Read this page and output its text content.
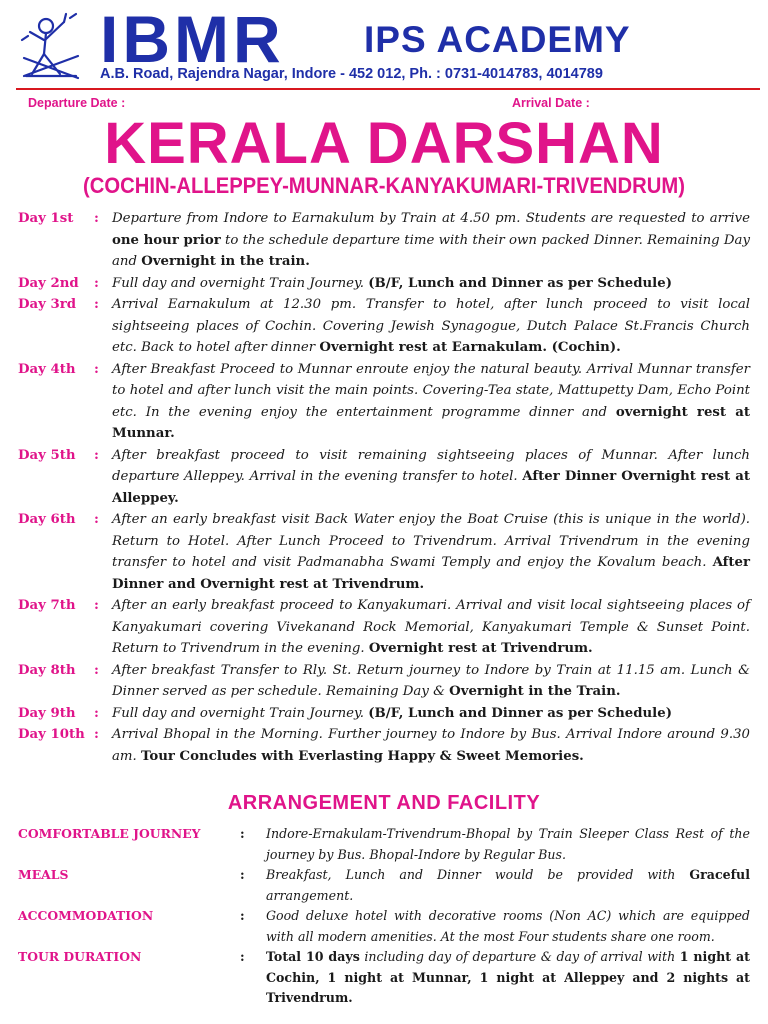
IBMR IPS ACADEMY
A.B. Road, Rajendra Nagar, Indore - 452 012, Ph. : 0731-4014783, 4014789
Departure Date :	Arrival Date :
KERALA DARSHAN
(COCHIN-ALLEPPEY-MUNNAR-KANYAKUMARI-TRIVENDRUM)
Day 1st	: Departure from Indore to Earnakulum by Train at 4.50 pm. Students are requested to arrive one hour prior to the schedule departure time with their own packed Dinner. Remaining Day and Overnight in the train.
Day 2nd	: Full day and overnight Train Journey. (B/F, Lunch and Dinner as per Schedule)
Day 3rd	: Arrival Earnakulum at 12.30 pm. Transfer to hotel, after lunch proceed to visit local sightseeing places of Cochin. Covering Jewish Synagogue, Dutch Palace St.Francis Church etc. Back to hotel after dinner Overnight rest at Earnakulam. (Cochin).
Day 4th	: After Breakfast Proceed to Munnar enroute enjoy the natural beauty. Arrival Munnar transfer to hotel and after lunch visit the main points. Covering-Tea state, Mattupetty Dam, Echo Point etc. In the evening enjoy the entertainment programme dinner and overnight rest at Munnar.
Day 5th	: After breakfast proceed to visit remaining sightseeing places of Munnar. After lunch departure Alleppey. Arrival in the evening transfer to hotel. After Dinner Overnight rest at Alleppey.
Day 6th	: After an early breakfast visit Back Water enjoy the Boat Cruise (this is unique in the world). Return to Hotel. After Lunch Proceed to Trivendrum. Arrival Trivendrum in the evening transfer to hotel and visit Padmanabha Swami Temply and enjoy the Kovalum beach. After Dinner and Overnight rest at Trivendrum.
Day 7th	: After an early breakfast proceed to Kanyakumari. Arrival and visit local sightseeing places of Kanyakumari covering Vivekanand Rock Memorial, Kanyakumari Temple & Sunset Point. Return to Trivendrum in the evening. Overnight rest at Trivendrum.
Day 8th	: After breakfast Transfer to Rly. St. Return journey to Indore by Train at 11.15 am. Lunch & Dinner served as per schedule. Remaining Day & Overnight in the Train.
Day 9th	: Full day and overnight Train Journey. (B/F, Lunch and Dinner as per Schedule)
Day 10th : Arrival Bhopal in the Morning. Further journey to Indore by Bus. Arrival Indore around 9.30 am. Tour Concludes with Everlasting Happy & Sweet Memories.
ARRANGEMENT AND FACILITY
COMFORTABLE JOURNEY	:	Indore-Ernakulam-Trivendrum-Bhopal by Train Sleeper Class Rest of the journey by Bus. Bhopal-Indore by Regular Bus.
MEALS	:	Breakfast, Lunch and Dinner would be provided with Graceful arrangement.
ACCOMMODATION	:	Good deluxe hotel with decorative rooms (Non AC) which are equipped with all modern amenities. At the most Four students share one room.
TOUR DURATION	:	Total 10 days including day of departure & day of arrival with 1 night at Cochin, 1 night at Munnar, 1 night at Alleppey and 2 nights at Trivendrum.
